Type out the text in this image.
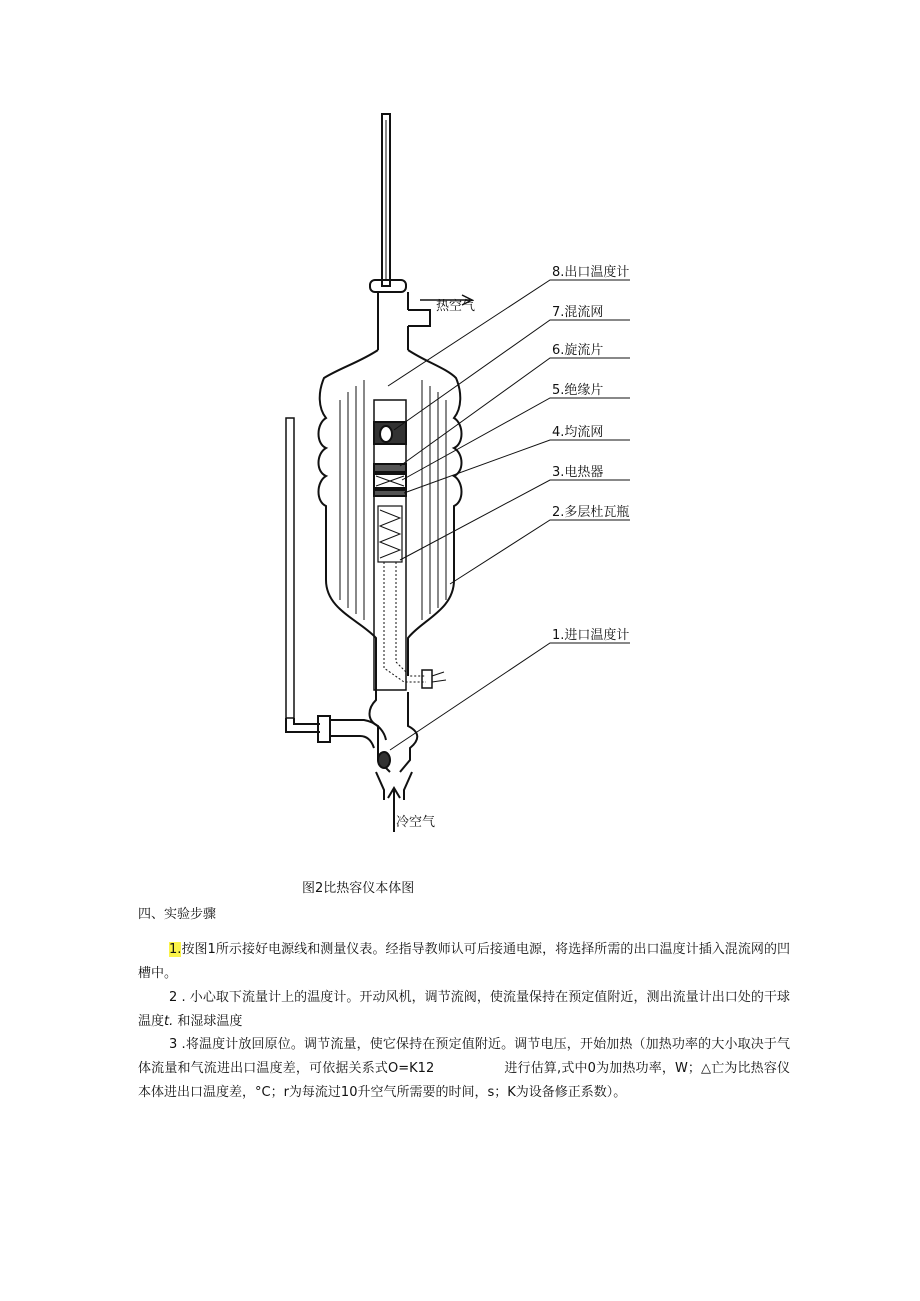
8.出口温度计
7.混流网
6.旋流片
5.绝缘片
4.均流网
3.电热器
2.多层杜瓦瓶
1.进口温度计
热空气
冷空气
图2比热容仪本体图
四、实验步骤

1.按图1所示接好电源线和测量仪表。经指导教师认可后接通电源，将选择所需的出口温度计插入混流网的凹槽中。

2 . 小心取下流量计上的温度计。开动风机，调节流阀，使流量保持在预定值附近，测出流量计出口处的干球温度t. 和湿球温度

3 .将温度计放回原位。调节流量，使它保持在预定值附近。调节电压，开始加热（加热功率的大小取决于气体流量和气流进出口温度差，可依据关系式O=K12	进行估算,式中0为加热功率，W；△亡为比热容仪本体进出口温度差，°C；r为每流过10升空气所需要的时间，s；K为设备修正系数）。
